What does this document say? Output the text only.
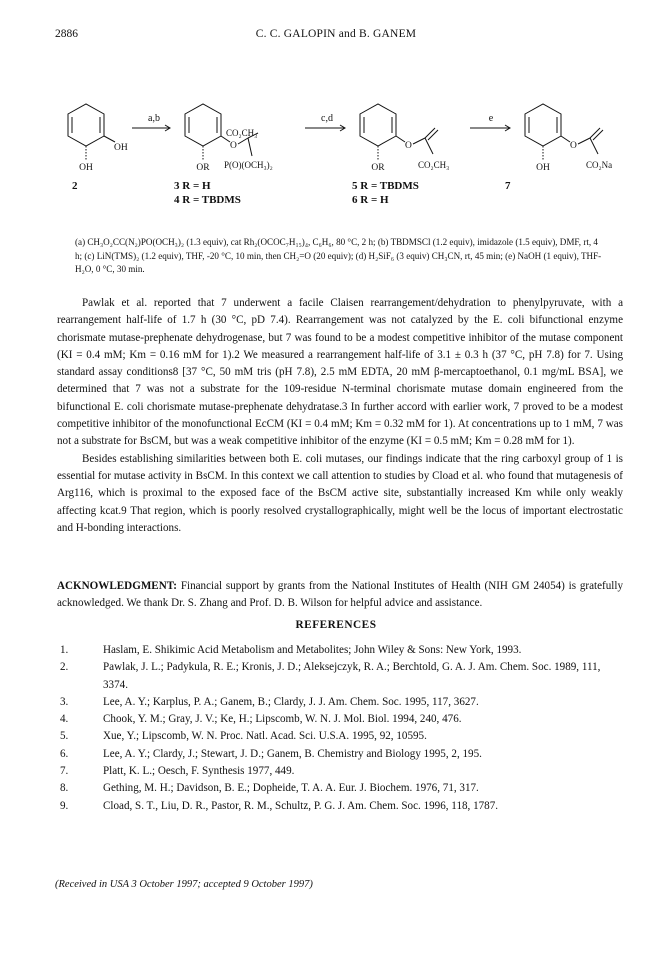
2886	C. C. GALOPIN and B. GANEM
a,b	c,d	e
OH
OH
CO₂CH₃
O
OR P(O)(OCH₃)₂
O
OR	CO₂CH₃
O
OH	CO₂Na
2	3 R = H
4 R = TBDMS
5 R = TBDMS
6 R = H
7
(a) CH₃O₂CC(N₂)PO(OCH₃)₂ (1.3 equiv), cat Rh₂(OCOC₇H₁₅)₄, C₆H₆, 80 °C, 2 h; (b) TBDMSCl (1.2 equiv), imidazole (1.5 equiv), DMF, rt, 4 h; (c) LiN(TMS)₂ (1.2 equiv), THF, -20 °C, 10 min, then CH₂=O (20 equiv); (d) H₂SiF₆ (3 equiv) CH₃CN, rt, 45 min; (e) NaOH (1 equiv), THF-H₂O, 0 °C, 30 min.

Pawlak et al. reported that 7 underwent a facile Claisen rearrangement/dehydration to phenylpyruvate, with a rearrangement half-life of 1.7 h (30 °C, pD 7.4). Rearrangement was not catalyzed by the E. coli bifunctional enzyme chorismate mutase-prephenate dehydrogenase, but 7 was found to be a modest competitive inhibitor of the mutase component (KI = 0.4 mM; Km = 0.16 mM for 1).2 We measured a rearrangement half-life of 3.1 ± 0.3 h (37 °C, pH 7.8) for 7. Using standard assay conditions8 [37 °C, 50 mM tris (pH 7.8), 2.5 mM EDTA, 20 mM β-mercaptoethanol, 0.1 mg/mL BSA], we determined that 7 was not a substrate for the 109-residue N-terminal chorismate mutase domain engineered from the bifunctional E. coli chorismate mutase-prephenate dehydratase.3 In further accord with earlier work, 7 proved to be a modest competitive inhibitor of the monofunctional EcCM (KI = 0.4 mM; Km = 0.32 mM for 1). At concentrations up to 1 mM, 7 was not a substrate for BsCM, but was a weak competitive inhibitor of the enzyme (KI = 0.5 mM; Km = 0.28 mM for 1).

Besides establishing similarities between both E. coli mutases, our findings indicate that the ring carboxyl group of 1 is essential for mutase activity in BsCM. In this context we call attention to studies by Cload et al. who found that mutagenesis of Arg116, which is proximal to the exposed face of the BsCM active site, substantially increased Km while only weakly affecting kcat.9 That region, which is poorly resolved crystallographically, might well be the locus of important electrostatic and H-bonding interactions.

ACKNOWLEDGMENT: Financial support by grants from the National Institutes of Health (NIH GM 24054) is gratefully acknowledged. We thank Dr. S. Zhang and Prof. D. B. Wilson for helpful advice and assistance.
REFERENCES
1.	Haslam, E. Shikimic Acid Metabolism and Metabolites; John Wiley & Sons: New York, 1993.
2.	Pawlak, J. L.; Padykula, R. E.; Kronis, J. D.; Aleksejczyk, R. A.; Berchtold, G. A. J. Am. Chem. Soc. 1989, 111, 3374.
3.	Lee, A. Y.; Karplus, P. A.; Ganem, B.; Clardy, J. J. Am. Chem. Soc. 1995, 117, 3627.
4.	Chook, Y. M.; Gray, J. V.; Ke, H.; Lipscomb, W. N. J. Mol. Biol. 1994, 240, 476.
5.	Xue, Y.; Lipscomb, W. N. Proc. Natl. Acad. Sci. U.S.A. 1995, 92, 10595.
6.	Lee, A. Y.; Clardy, J.; Stewart, J. D.; Ganem, B. Chemistry and Biology 1995, 2, 195.
7.	Platt, K. L.; Oesch, F. Synthesis 1977, 449.
8.	Gething, M. H.; Davidson, B. E.; Dopheide, T. A. A. Eur. J. Biochem. 1976, 71, 317.
9.	Cload, S. T., Liu, D. R., Pastor, R. M., Schultz, P. G. J. Am. Chem. Soc. 1996, 118, 1787.
(Received in USA 3 October 1997; accepted 9 October 1997)
